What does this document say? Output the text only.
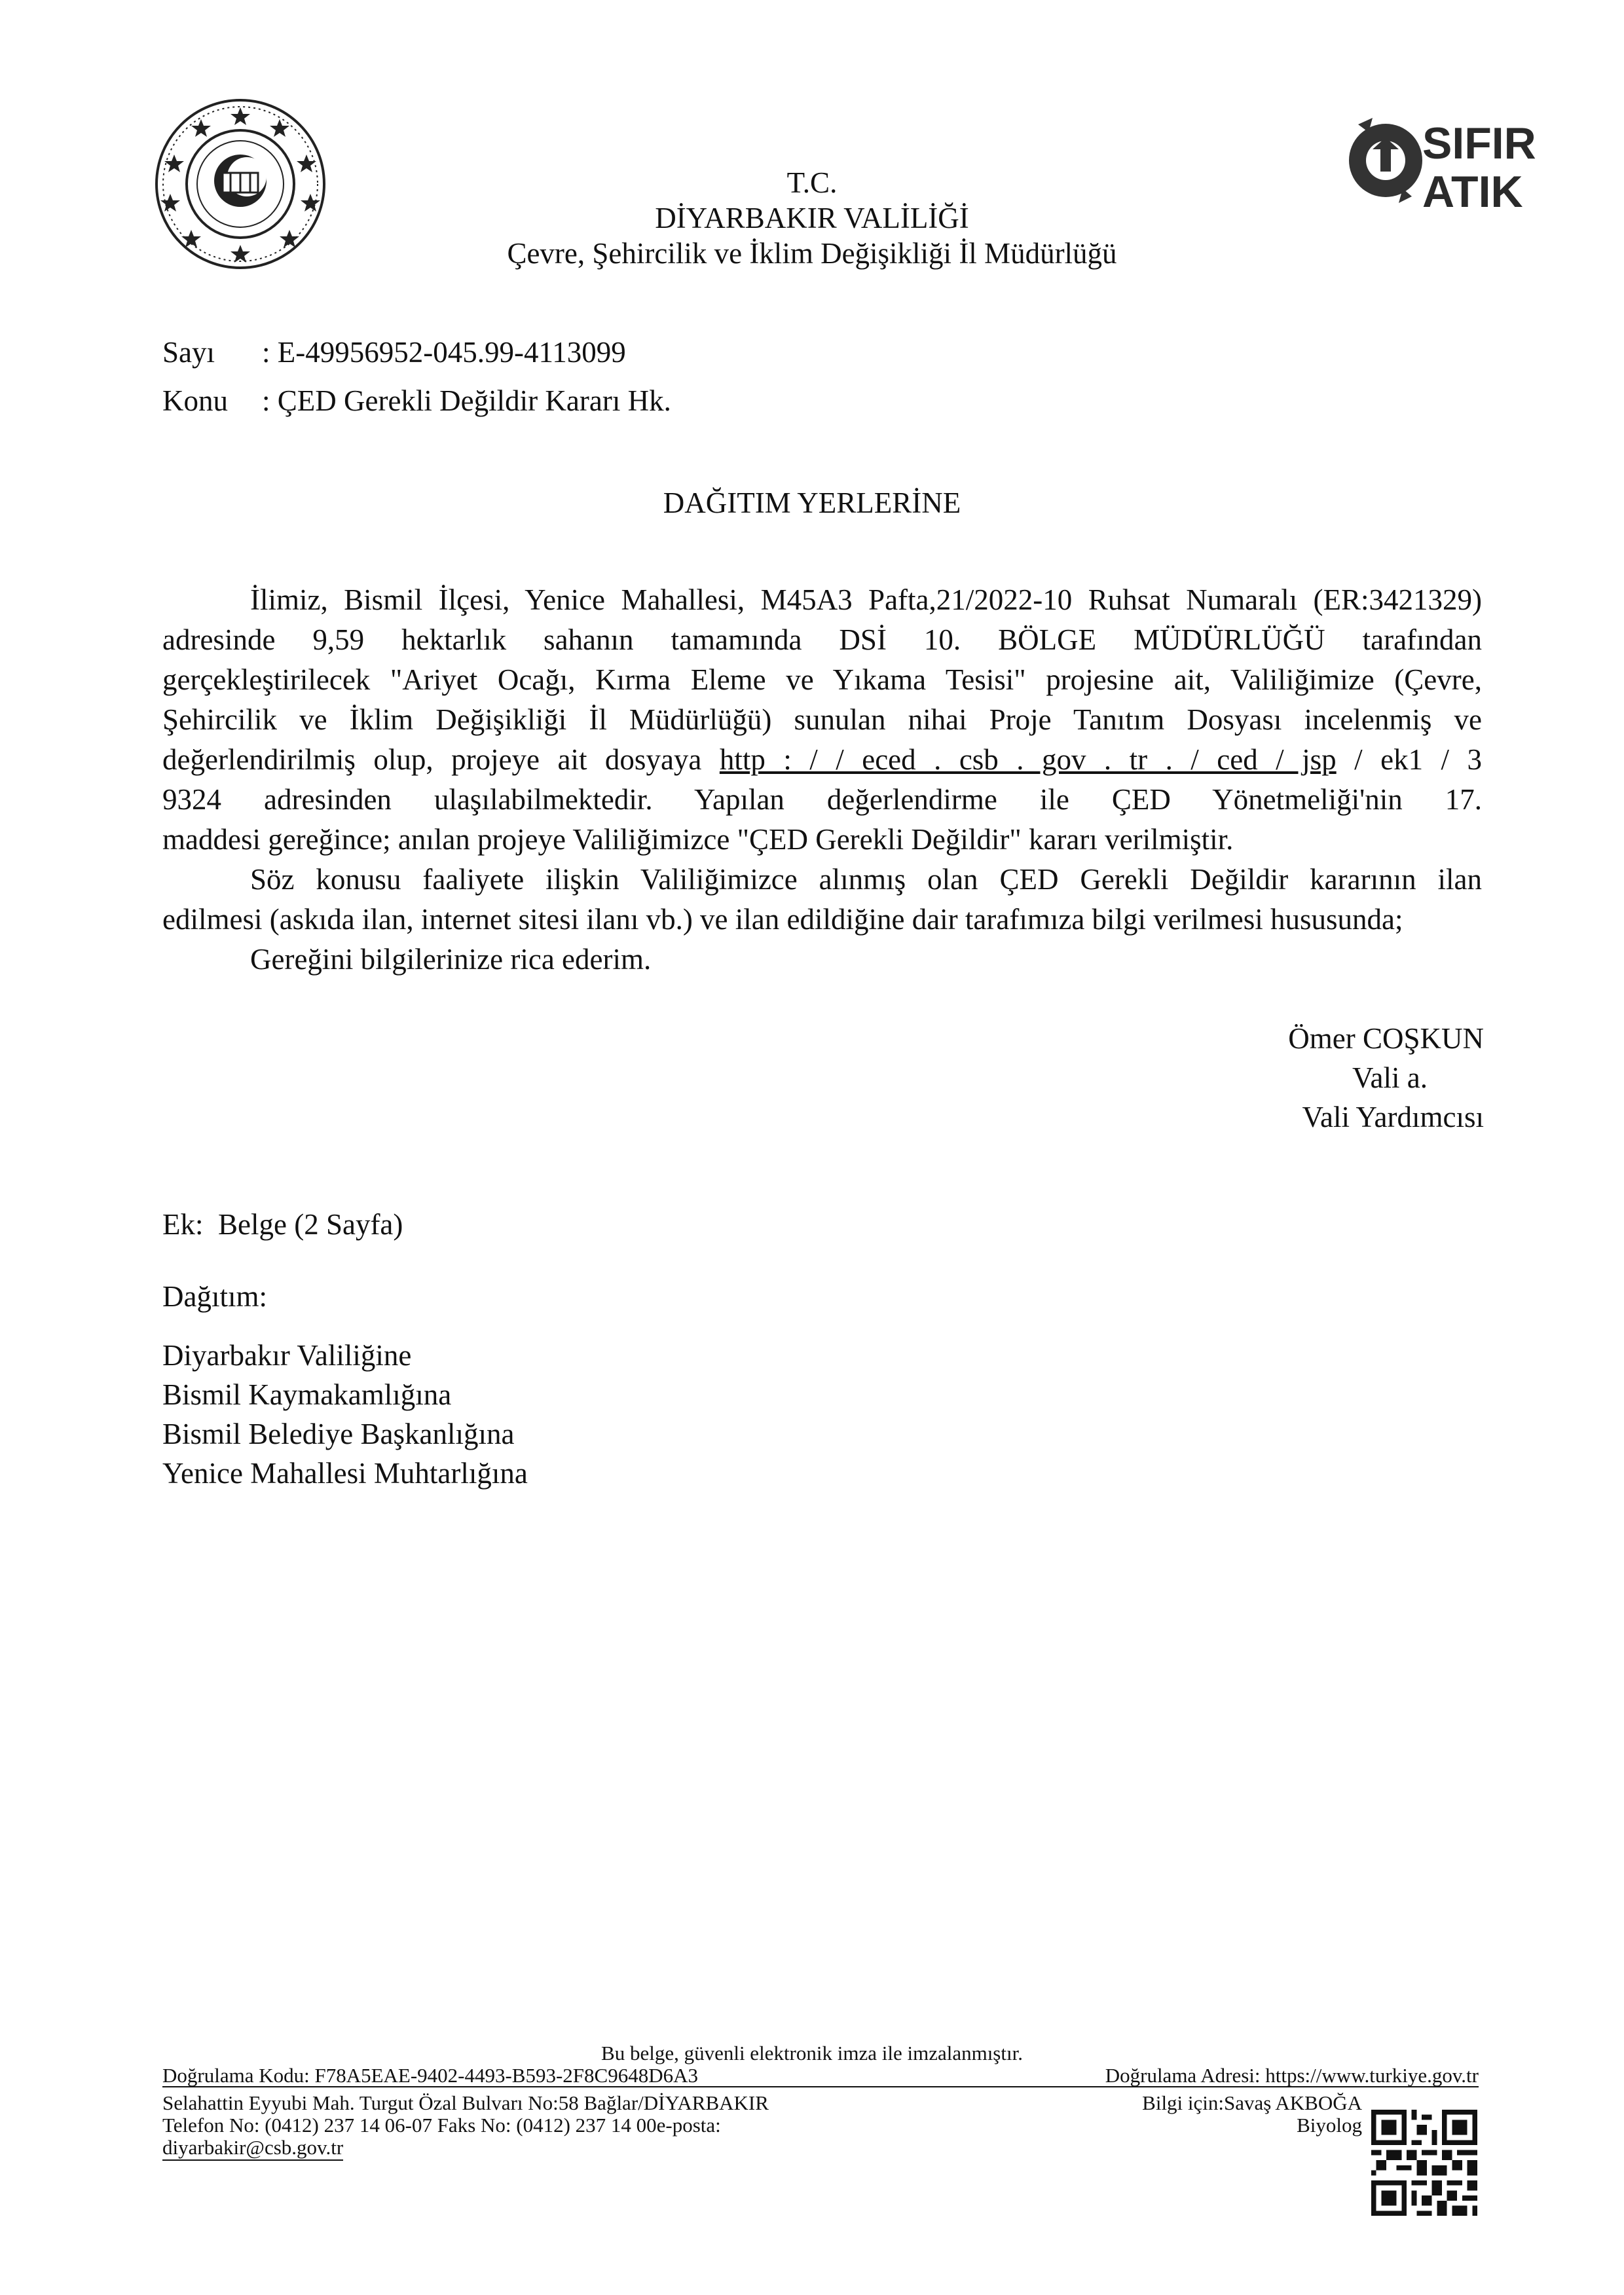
SIFIR
ATIK
T.C.
DİYARBAKIR VALİLİĞİ
Çevre, Şehircilik ve İklim Değişikliği İl Müdürlüğü
Sayı : E-49956952-045.99-4113099
Konu : ÇED Gerekli Değildir Kararı Hk.
DAĞITIM YERLERİNE
İlimiz, Bismil İlçesi, Yenice Mahallesi, M45A3 Pafta,21/2022-10 Ruhsat Numaralı (ER:3421329)
adresinde 9,59 hektarlık sahanın tamamında DSİ 10. BÖLGE MÜDÜRLÜĞÜ tarafından
gerçekleştirilecek "Ariyet Ocağı, Kırma Eleme ve Yıkama Tesisi" projesine ait, Valiliğimize (Çevre,
Şehircilik ve İklim Değişikliği İl Müdürlüğü) sunulan nihai Proje Tanıtım Dosyası incelenmiş ve
değerlendirilmiş olup, projeye ait dosyaya http : / / eced . csb . gov . tr . / ced / jsp / ek1 / 3
9324 adresinden ulaşılabilmektedir. Yapılan değerlendirme ile ÇED Yönetmeliği'nin 17.
maddesi gereğince; anılan projeye Valiliğimizce "ÇED Gerekli Değildir" kararı verilmiştir.
Söz konusu faaliyete ilişkin Valiliğimizce alınmış olan ÇED Gerekli Değildir kararının ilan
edilmesi (askıda ilan, internet sitesi ilanı vb.) ve ilan edildiğine dair tarafımıza bilgi verilmesi hususunda;
Gereğini bilgilerinize rica ederim.
Ömer COŞKUN
Vali a.
Vali Yardımcısı
Ek:  Belge (2 Sayfa)
Dağıtım:
Diyarbakır Valiliğine
Bismil Kaymakamlığına
Bismil Belediye Başkanlığına
Yenice Mahallesi Muhtarlığına
Bu belge, güvenli elektronik imza ile imzalanmıştır.
Doğrulama Kodu: F78A5EAE-9402-4493-B593-2F8C9648D6A3	Doğrulama Adresi: https://www.turkiye.gov.tr
Selahattin Eyyubi Mah. Turgut Özal Bulvarı No:58 Bağlar/DİYARBAKIR
Telefon No: (0412) 237 14 06-07 Faks No: (0412) 237 14 00e-posta:
diyarbakir@csb.gov.tr
Bilgi için:Savaş AKBOĞA
Biyolog
